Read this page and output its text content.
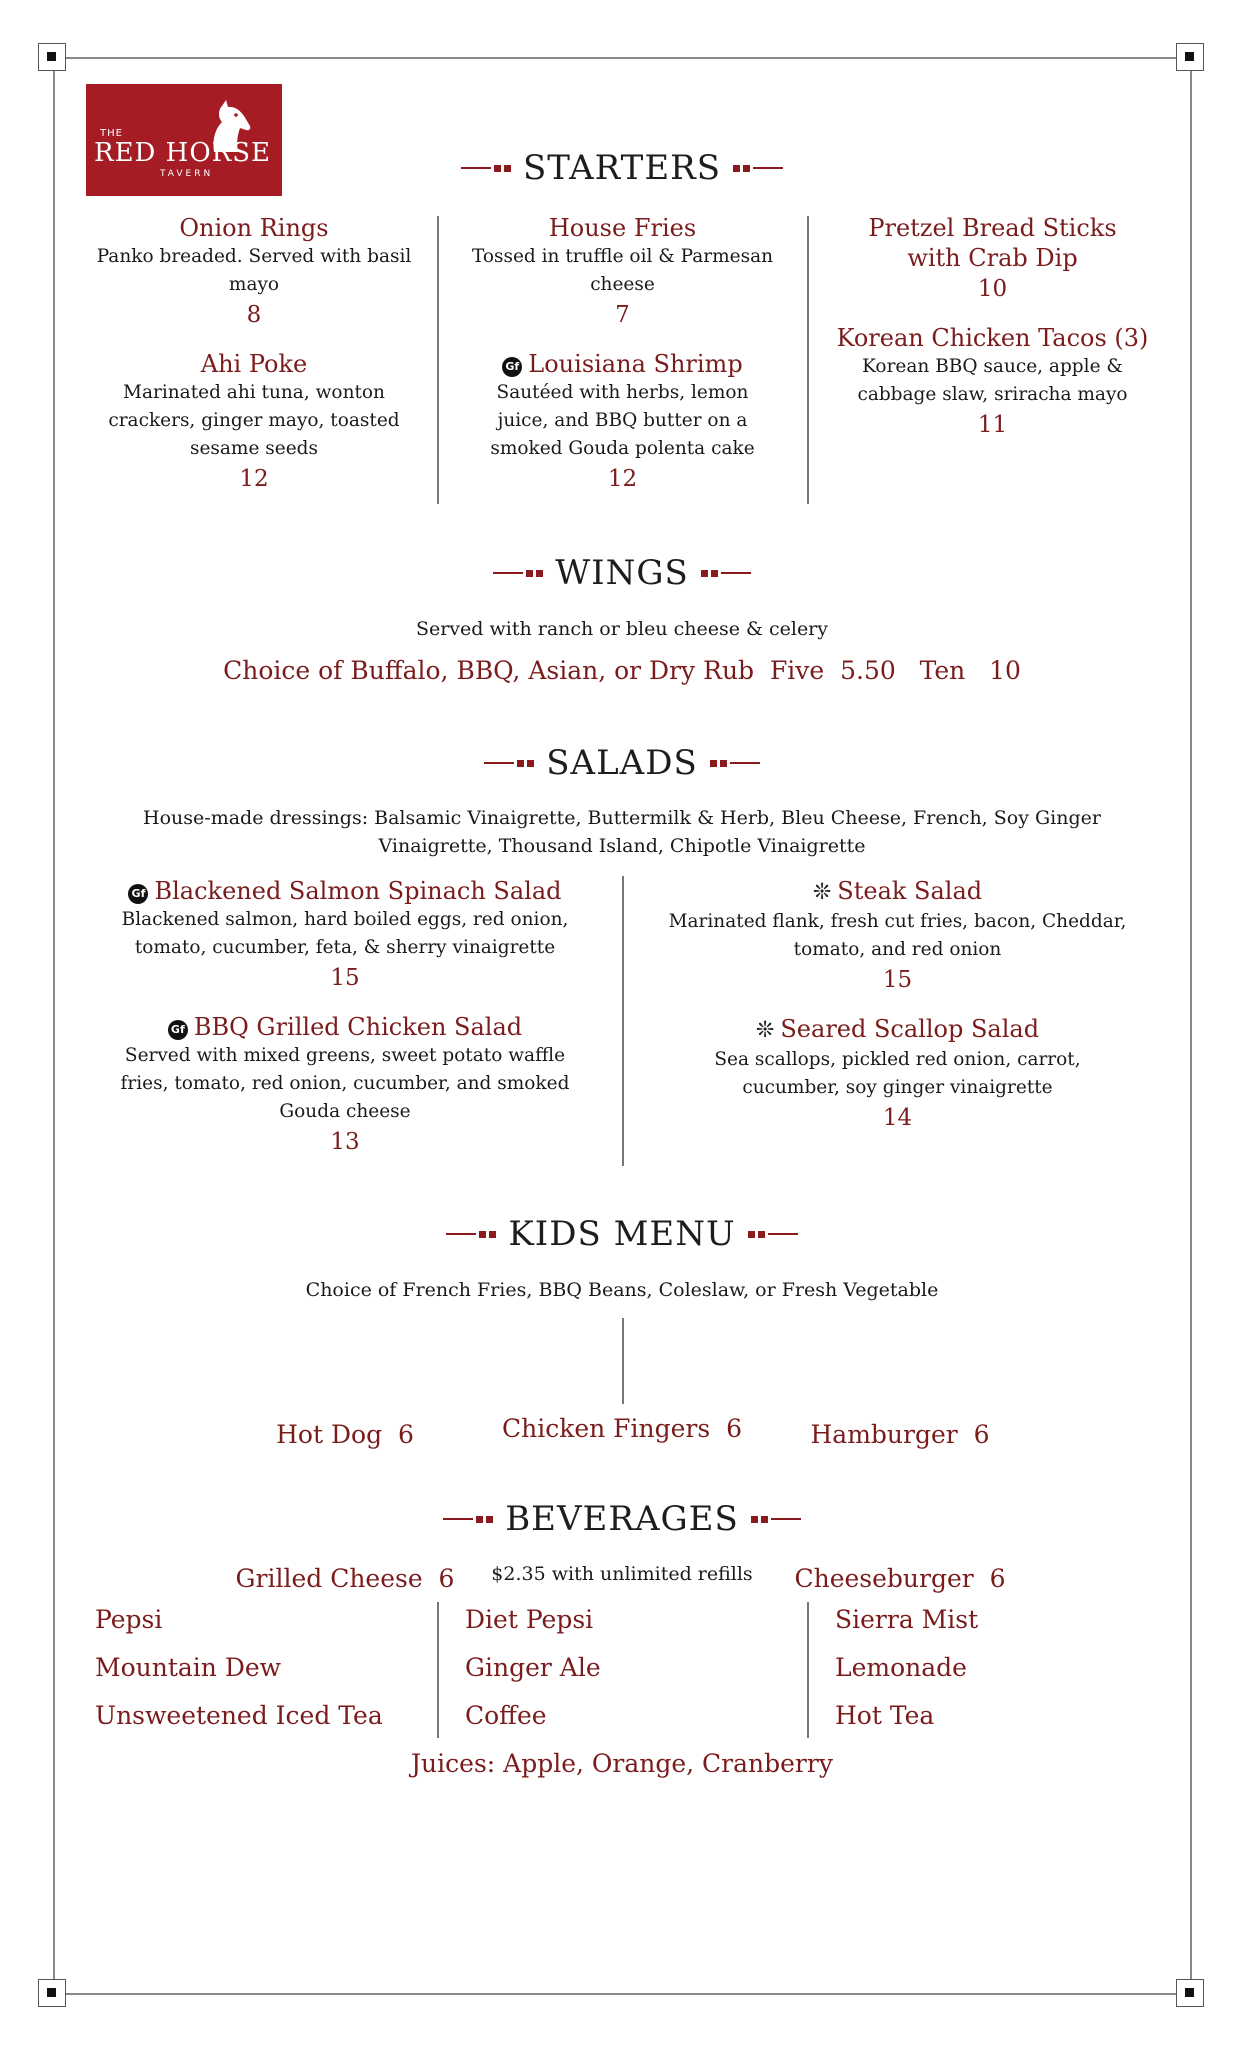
THE
RED HORSE
TAVERN	STARTERS
Onion Rings
Panko breaded. Served with basil mayo
8
Ahi Poke
Marinated ahi tuna, wonton crackers, ginger mayo, toasted sesame seeds
12
House Fries
Tossed in truffle oil & Parmesan cheese
7
Gf Louisiana Shrimp
Sautéed with herbs, lemon juice, and BBQ butter on a smoked Gouda polenta cake
12
Pretzel Bread Sticks with Crab Dip
10
Korean Chicken Tacos (3)
Korean BBQ sauce, apple & cabbage slaw, sriracha mayo
11
WINGS
Served with ranch or bleu cheese & celery
Choice of Buffalo, BBQ, Asian, or Dry Rub  Five  5.50   Ten   10
SALADS
House-made dressings: Balsamic Vinaigrette, Buttermilk & Herb, Bleu Cheese, French, Soy Ginger Vinaigrette, Thousand Island, Chipotle Vinaigrette
Gf Blackened Salmon Spinach Salad
Blackened salmon, hard boiled eggs, red onion, tomato, cucumber, feta, & sherry vinaigrette
15
Gf BBQ Grilled Chicken Salad
Served with mixed greens, sweet potato waffle fries, tomato, red onion, cucumber, and smoked Gouda cheese
13
❊ Steak Salad
Marinated flank, fresh cut fries, bacon, Cheddar, tomato, and red onion
15
❊ Seared Scallop Salad
Sea scallops, pickled red onion, carrot, cucumber, soy ginger vinaigrette
14
KIDS MENU
Choice of French Fries, BBQ Beans, Coleslaw, or Fresh Vegetable

Hot Dog  6

Grilled Cheese  6

Hamburger  6

Cheeseburger  6

Chicken Fingers  6
BEVERAGES
$2.35 with unlimited refills
Pepsi
Mountain Dew
Unsweetened Iced Tea
Diet Pepsi
Ginger Ale
Coffee
Sierra Mist
Lemonade
Hot Tea
Juices: Apple, Orange, Cranberry
